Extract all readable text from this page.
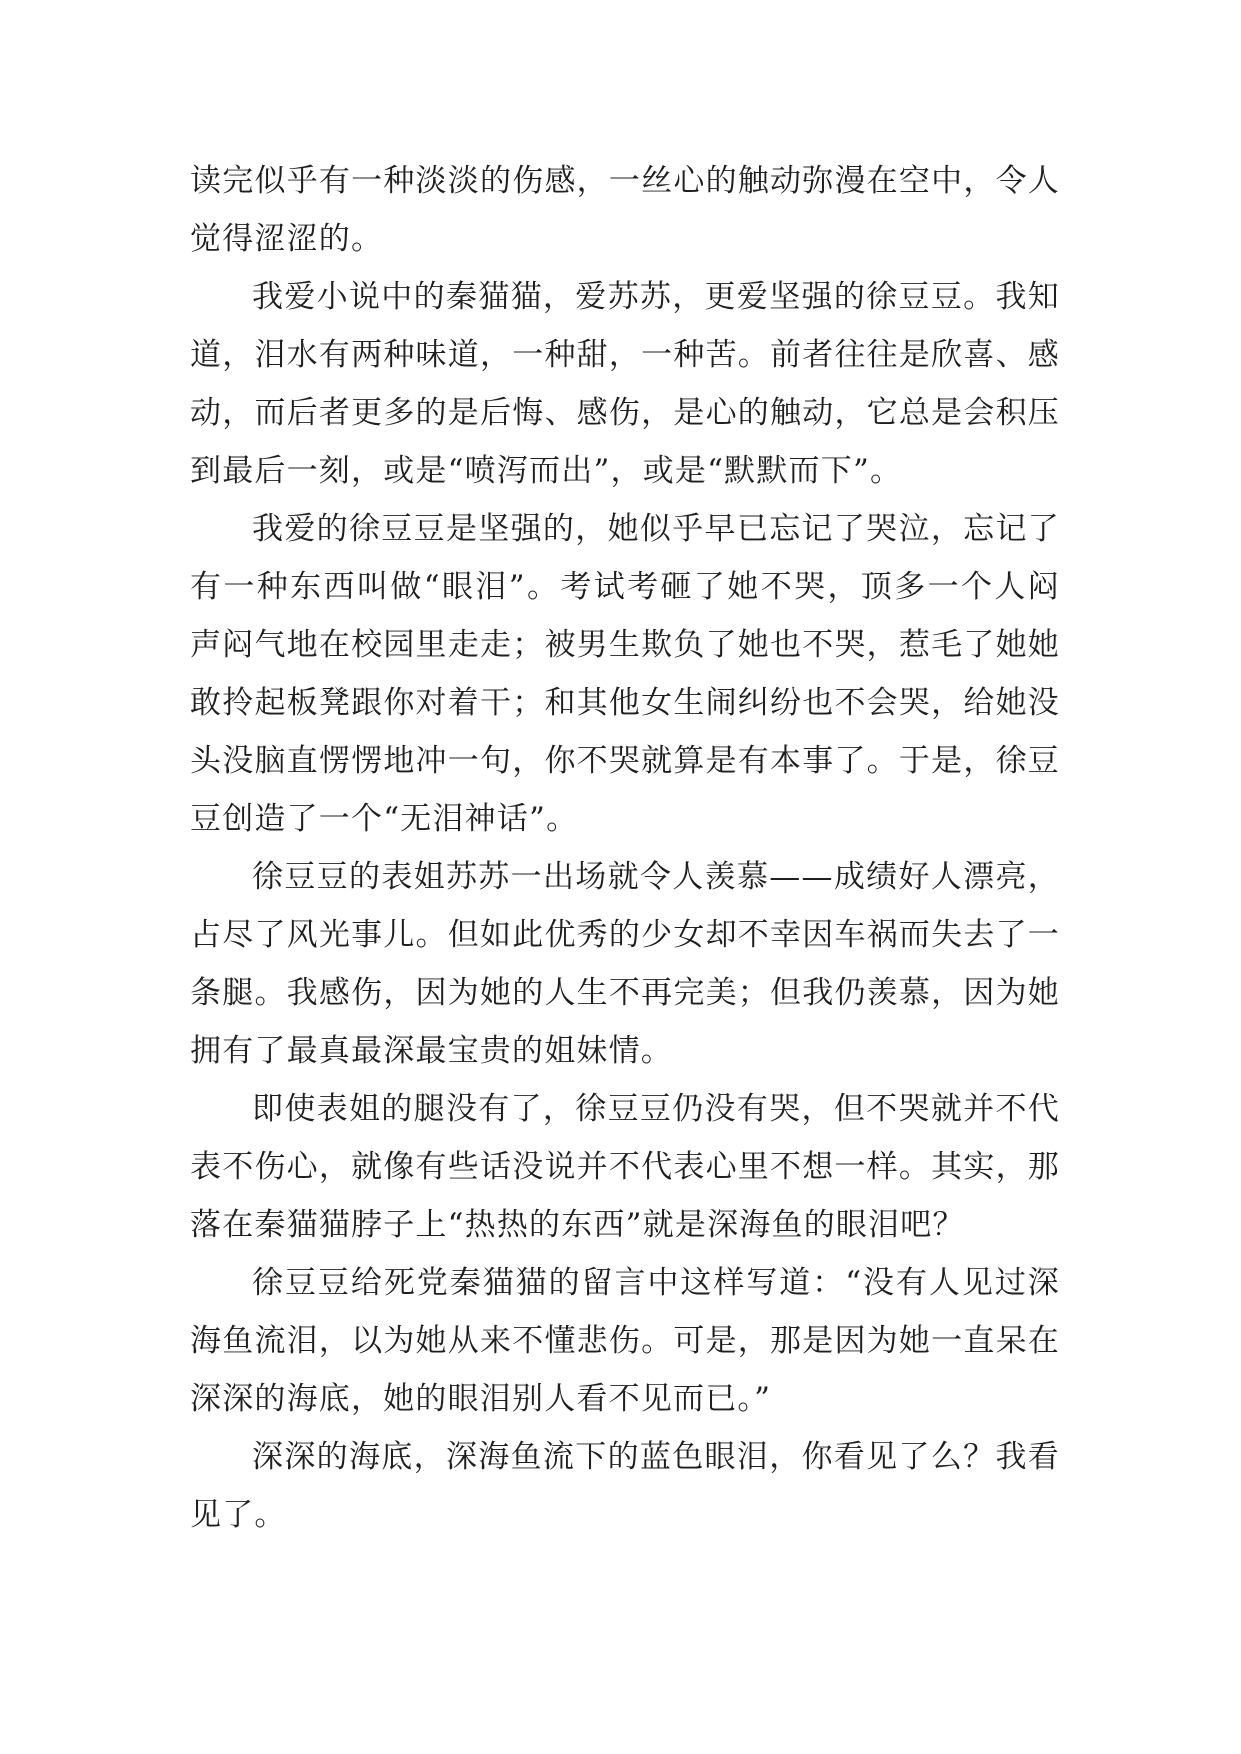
读完似乎有一种淡淡的伤感，一丝心的触动弥漫在空中，令人觉得涩涩的。

我爱小说中的秦猫猫，爱苏苏，更爱坚强的徐豆豆。我知道，泪水有两种味道，一种甜，一种苦。前者往往是欣喜、感动，而后者更多的是后悔、感伤，是心的触动，它总是会积压到最后一刻，或是“喷泻而出”，或是“默默而下”。

我爱的徐豆豆是坚强的，她似乎早已忘记了哭泣，忘记了有一种东西叫做“眼泪”。考试考砸了她不哭，顶多一个人闷声闷气地在校园里走走；被男生欺负了她也不哭，惹毛了她她敢拎起板凳跟你对着干；和其他女生闹纠纷也不会哭，给她没头没脑直愣愣地冲一句，你不哭就算是有本事了。于是，徐豆豆创造了一个“无泪神话”。

徐豆豆的表姐苏苏一出场就令人羡慕——成绩好人漂亮，占尽了风光事儿。但如此优秀的少女却不幸因车祸而失去了一条腿。我感伤，因为她的人生不再完美；但我仍羡慕，因为她拥有了最真最深最宝贵的姐妹情。

即使表姐的腿没有了，徐豆豆仍没有哭，但不哭就并不代表不伤心，就像有些话没说并不代表心里不想一样。其实，那落在秦猫猫脖子上“热热的东西”就是深海鱼的眼泪吧？

徐豆豆给死党秦猫猫的留言中这样写道：“没有人见过深海鱼流泪，以为她从来不懂悲伤。可是，那是因为她一直呆在深深的海底，她的眼泪别人看不见而已。”

深深的海底，深海鱼流下的蓝色眼泪，你看见了么？我看见了。
